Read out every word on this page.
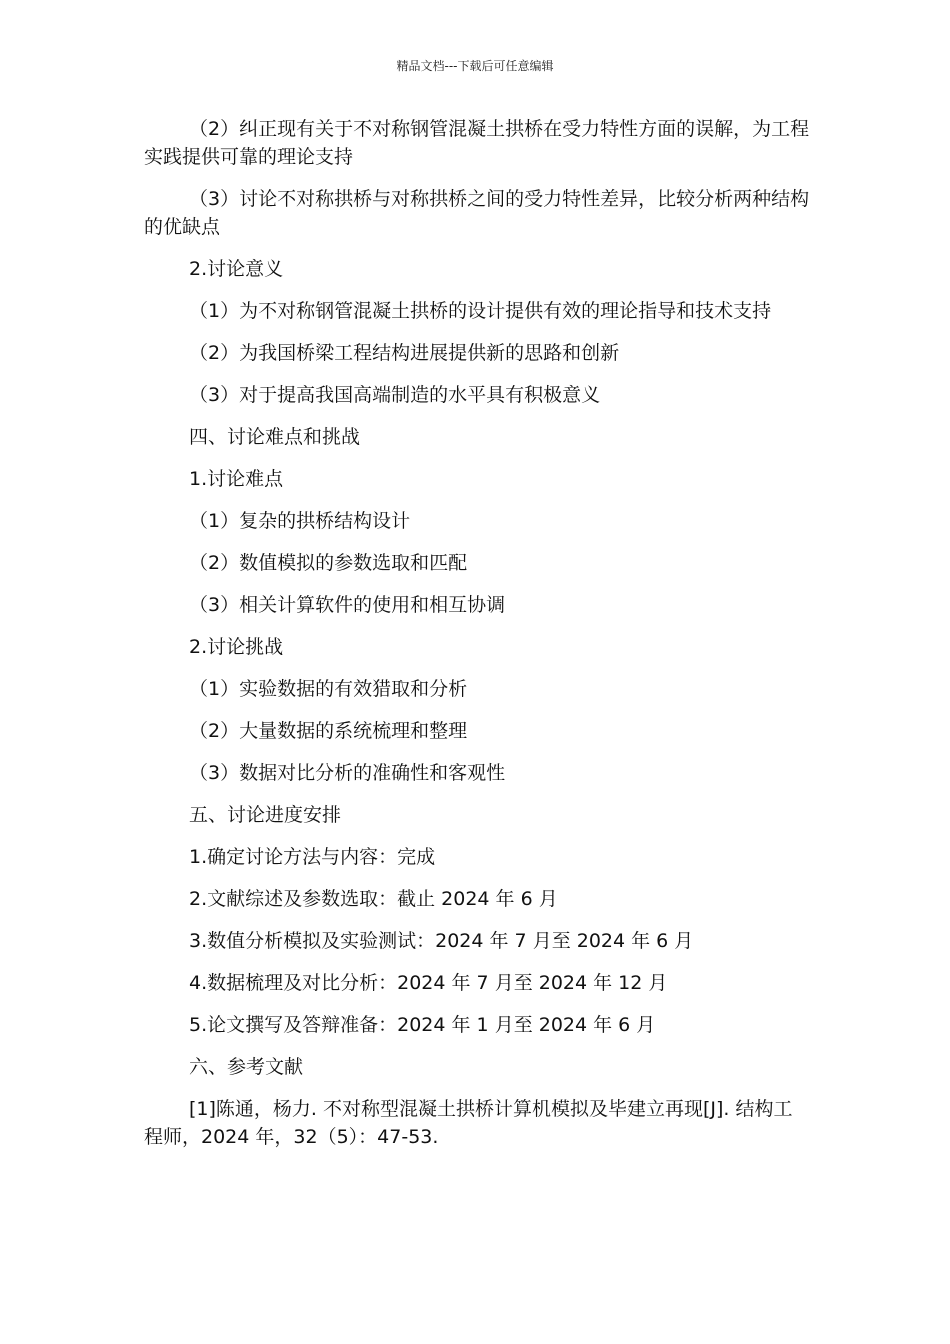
精品文档---下载后可任意编辑

（2）纠正现有关于不对称钢管混凝土拱桥在受力特性方面的误解，为工程实践提供可靠的理论支持

（3）讨论不对称拱桥与对称拱桥之间的受力特性差异，比较分析两种结构的优缺点

2.讨论意义

（1）为不对称钢管混凝土拱桥的设计提供有效的理论指导和技术支持

（2）为我国桥梁工程结构进展提供新的思路和创新

（3）对于提高我国高端制造的水平具有积极意义

四、讨论难点和挑战

1.讨论难点

（1）复杂的拱桥结构设计

（2）数值模拟的参数选取和匹配

（3）相关计算软件的使用和相互协调

2.讨论挑战

（1）实验数据的有效猎取和分析

（2）大量数据的系统梳理和整理

（3）数据对比分析的准确性和客观性

五、讨论进度安排

1.确定讨论方法与内容：完成

2.文献综述及参数选取：截止 2024 年 6 月

3.数值分析模拟及实验测试：2024 年 7 月至 2024 年 6 月

4.数据梳理及对比分析：2024 年 7 月至 2024 年 12 月

5.论文撰写及答辩准备：2024 年 1 月至 2024 年 6 月

六、参考文献

[1]陈通，杨力. 不对称型混凝土拱桥计算机模拟及毕建立再现[J]. 结构工程师，2024 年，32（5）：47-53.
